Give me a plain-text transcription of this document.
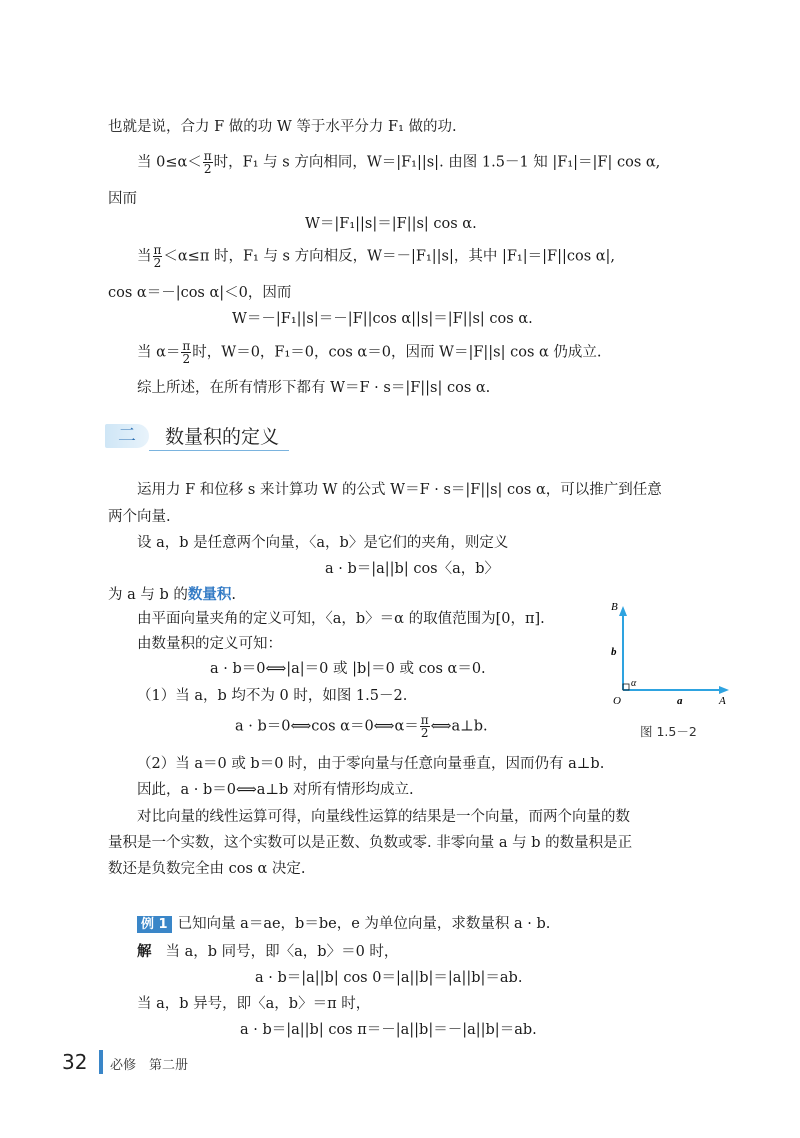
也就是说，合力 F 做的功 W 等于水平分力 F₁ 做的功.
当 $0\le\alpha< \frac{\pi}{2}$ 时，F₁ 与 s 方向相同，W＝|F₁||s|. 由图 1.5－1 知 |F₁|＝|F| cos α,
因而
W＝|F₁||s|＝|F||s| cos α.
当 $\frac{\pi}{2} <\alpha\le\pi$ 时，F₁ 与 s 方向相反，W＝－|F₁||s|，其中 |F₁|＝|F||cos α|,
cos α＝－|cos α|＜0，因而
W＝－|F₁||s|＝－|F||cos α||s|＝|F||s| cos α.
当 $\alpha= \frac{\pi}{2}$ 时，W＝0，F₁＝0，cos α＝0，因而 W＝|F||s| cos α 仍成立.
综上所述，在所有情形下都有 W＝F · s＝|F||s| cos α.
二	数量积的定义
运用力 F 和位移 s 来计算功 W 的公式 W＝F · s＝|F||s| cos α，可以推广到任意
两个向量.
设 a，b 是任意两个向量，〈a，b〉是它们的夹角，则定义
a · b＝|a||b| cos〈a，b〉
为 a 与 b 的数量积.
由平面向量夹角的定义可知，〈a，b〉＝α 的取值范围为[0，π].
由数量积的定义可知：
a · b＝0⟺|a|＝0 或 |b|＝0 或 cos α＝0.
（1）当 a，b 均不为 0 时，如图 1.5－2.
a · b＝0⟺cos α＝0⟺α＝ $\frac{\pi}{2}$ ⟺a⊥b.
（2）当 a＝0 或 b＝0 时，由于零向量与任意向量垂直，因而仍有 a⊥b.
因此，a · b＝0⟺a⊥b 对所有情形均成立.
对比向量的线性运算可得，向量线性运算的结果是一个向量，而两个向量的数
量积是一个实数，这个实数可以是正数、负数或零. 非零向量 a 与 b 的数量积是正
数还是负数完全由 cos α 决定.
B
b
α
O	a	A
图 1.5－2
例 1 已知向量 a＝ae，b＝be，e 为单位向量，求数量积 a · b.
解 当 a，b 同号，即〈a，b〉＝0 时，
a · b＝|a||b| cos 0＝|a||b|＝|a||b|＝ab.
当 a，b 异号，即〈a，b〉＝π 时，
a · b＝|a||b| cos π＝－|a||b|＝－|a||b|＝ab.
32 必修　第二册
